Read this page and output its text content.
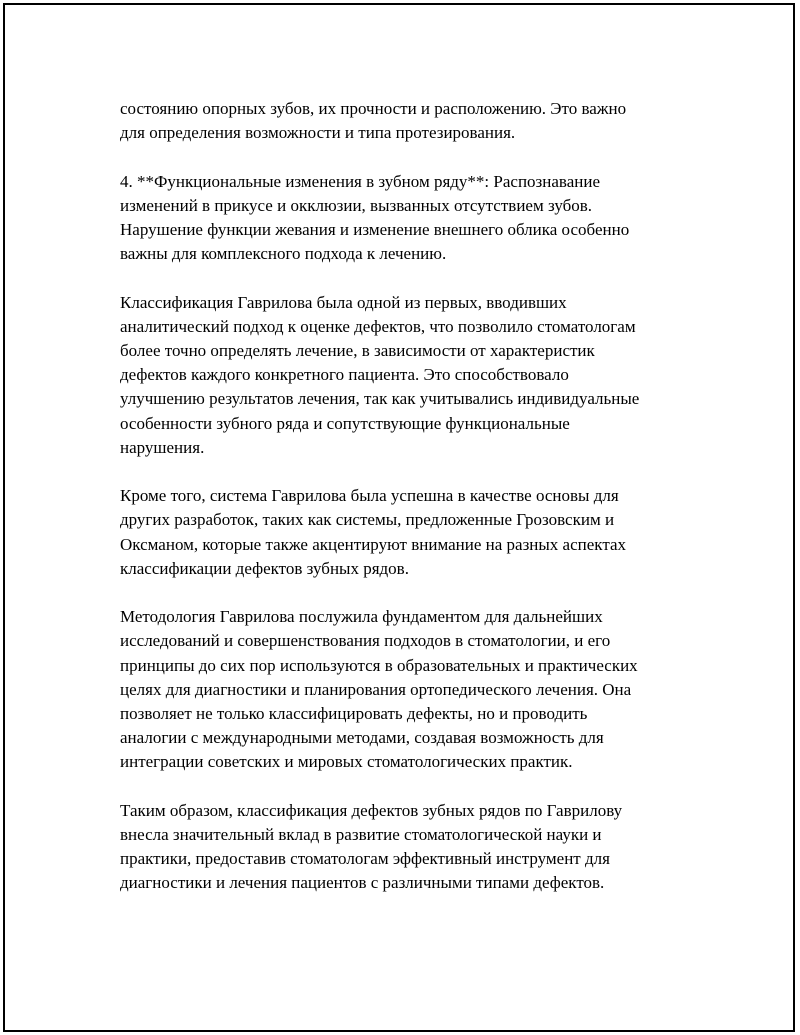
состоянию опорных зубов, их прочности и расположению. Это важно
для определения возможности и типа протезирования.

4. **Функциональные изменения в зубном ряду**: Распознавание
изменений в прикусе и окклюзии, вызванных отсутствием зубов.
Нарушение функции жевания и изменение внешнего облика особенно
важны для комплексного подхода к лечению.

Классификация Гаврилова была одной из первых, вводивших
аналитический подход к оценке дефектов, что позволило стоматологам
более точно определять лечение, в зависимости от характеристик
дефектов каждого конкретного пациента. Это способствовало
улучшению результатов лечения, так как учитывались индивидуальные
особенности зубного ряда и сопутствующие функциональные
нарушения.

Кроме того, система Гаврилова была успешна в качестве основы для
других разработок, таких как системы, предложенные Грозовским и
Оксманом, которые также акцентируют внимание на разных аспектах
классификации дефектов зубных рядов.

Методология Гаврилова послужила фундаментом для дальнейших
исследований и совершенствования подходов в стоматологии, и его
принципы до сих пор используются в образовательных и практических
целях для диагностики и планирования ортопедического лечения. Она
позволяет не только классифицировать дефекты, но и проводить
аналогии с международными методами, создавая возможность для
интеграции советских и мировых стоматологических практик.

Таким образом, классификация дефектов зубных рядов по Гаврилову
внесла значительный вклад в развитие стоматологической науки и
практики, предоставив стоматологам эффективный инструмент для
диагностики и лечения пациентов с различными типами дефектов.
